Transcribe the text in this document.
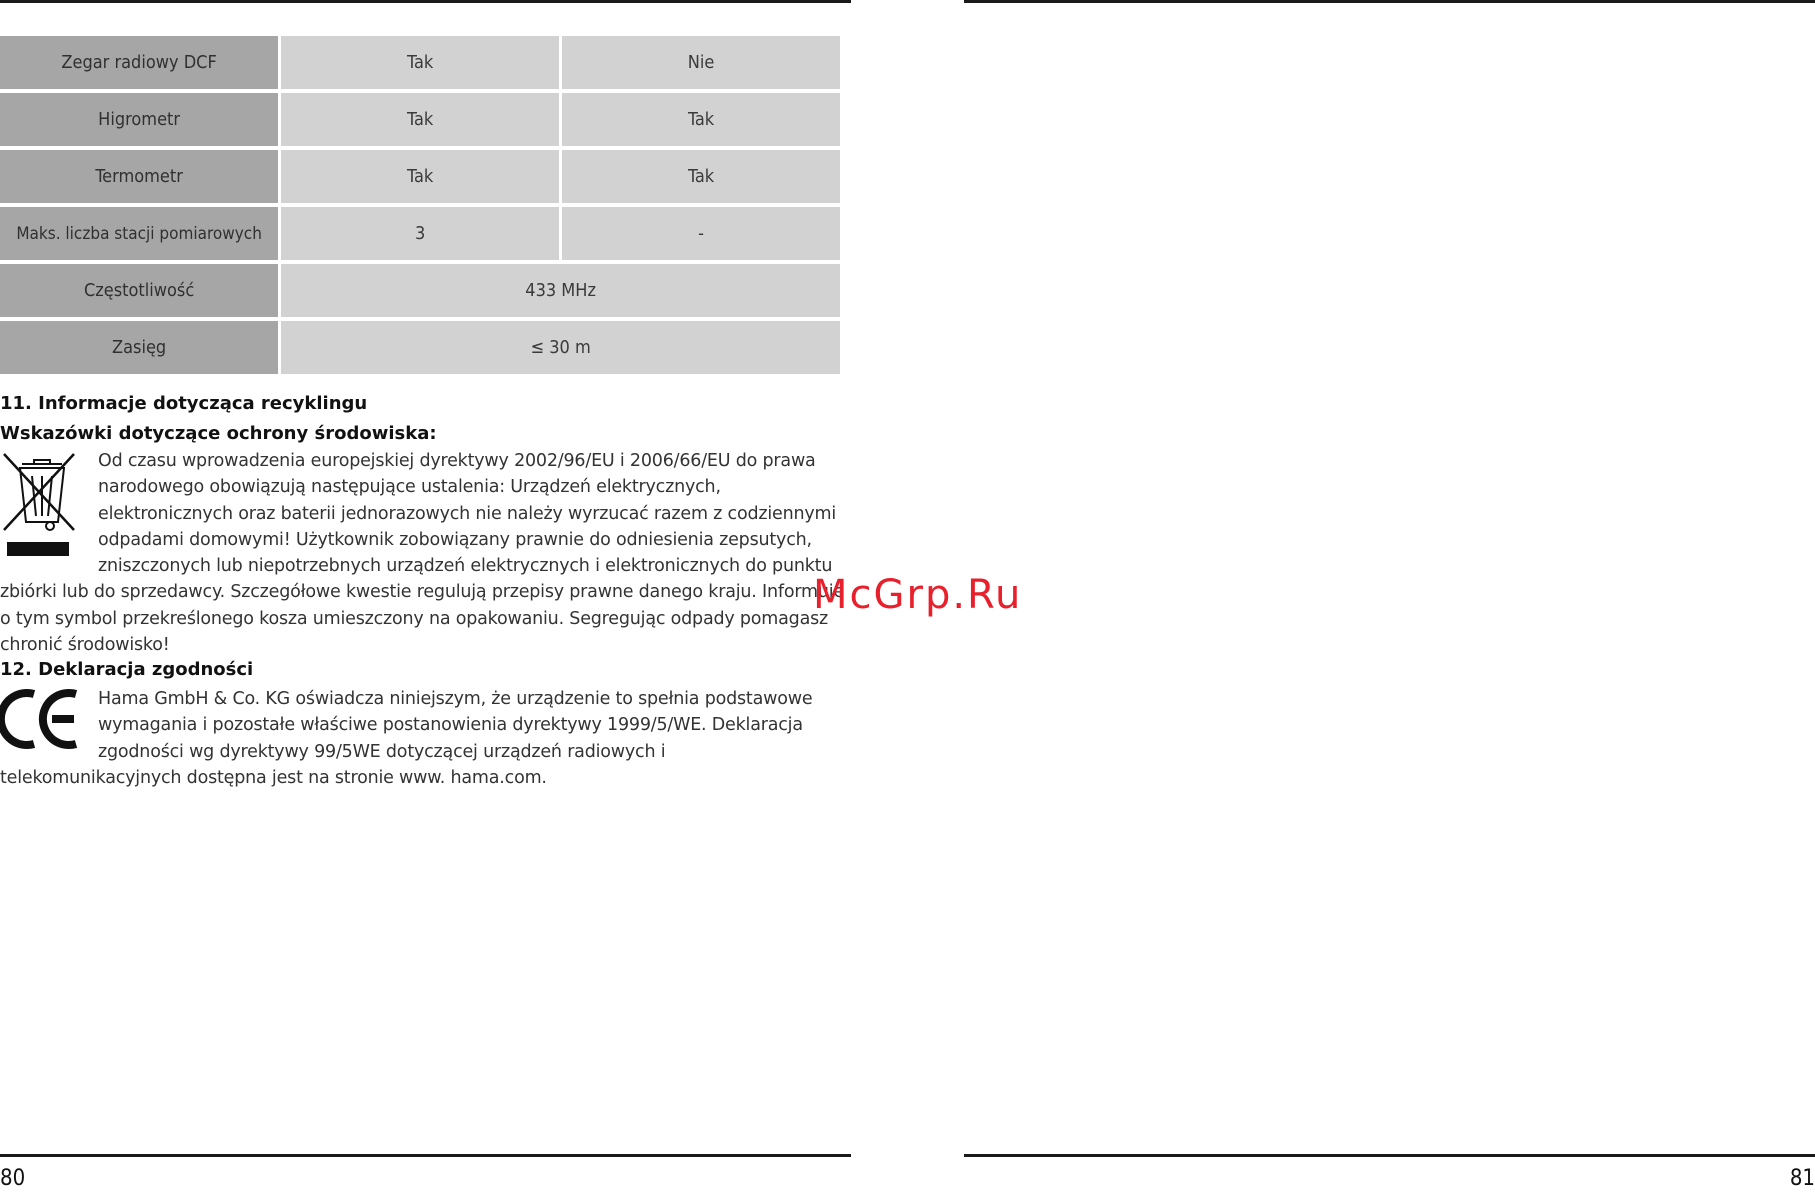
Zegar radiowy DCF	Tak	Nie
Higrometr	Tak	Tak
Termometr	Tak	Tak
Maks. liczba stacji pomiarowych	3	-
Częstotliwość	433 MHz	
Zasięg	≤ 30 m	

11. Informacje dotycząca recyklingu

Wskazówki dotyczące ochrony środowiska:

Od czasu wprowadzenia europejskiej dyrektywy 2002/96/EU i 2006/66/EU do prawa narodowego obowiązują następujące ustalenia: Urządzeń elektrycznych, elektronicznych oraz baterii jednorazowych nie należy wyrzucać razem z codziennymi odpadami domowymi! Użytkownik zobowiązany prawnie do odniesienia zepsutych, zniszczonych lub niepotrzebnych urządzeń elektrycznych i elektronicznych do punktu zbiórki lub do sprzedawcy. Szczegółowe kwestie regulują przepisy prawne danego kraju. Informuje o tym symbol przekreślonego kosza umieszczony na opakowaniu. Segregując odpady pomagasz chronić środowisko!

12. Deklaracja zgodności

Hama GmbH & Co. KG oświadcza niniejszym, że urządzenie to spełnia podstawowe wymagania i pozostałe właściwe postanowienia dyrektywy 1999/5/WE. Deklaracja zgodności wg dyrektywy 99/5WE dotyczącej urządzeń radiowych i telekomunikacyjnych dostępna jest na stronie www. hama.com.

McGrp.Ru
80	81
